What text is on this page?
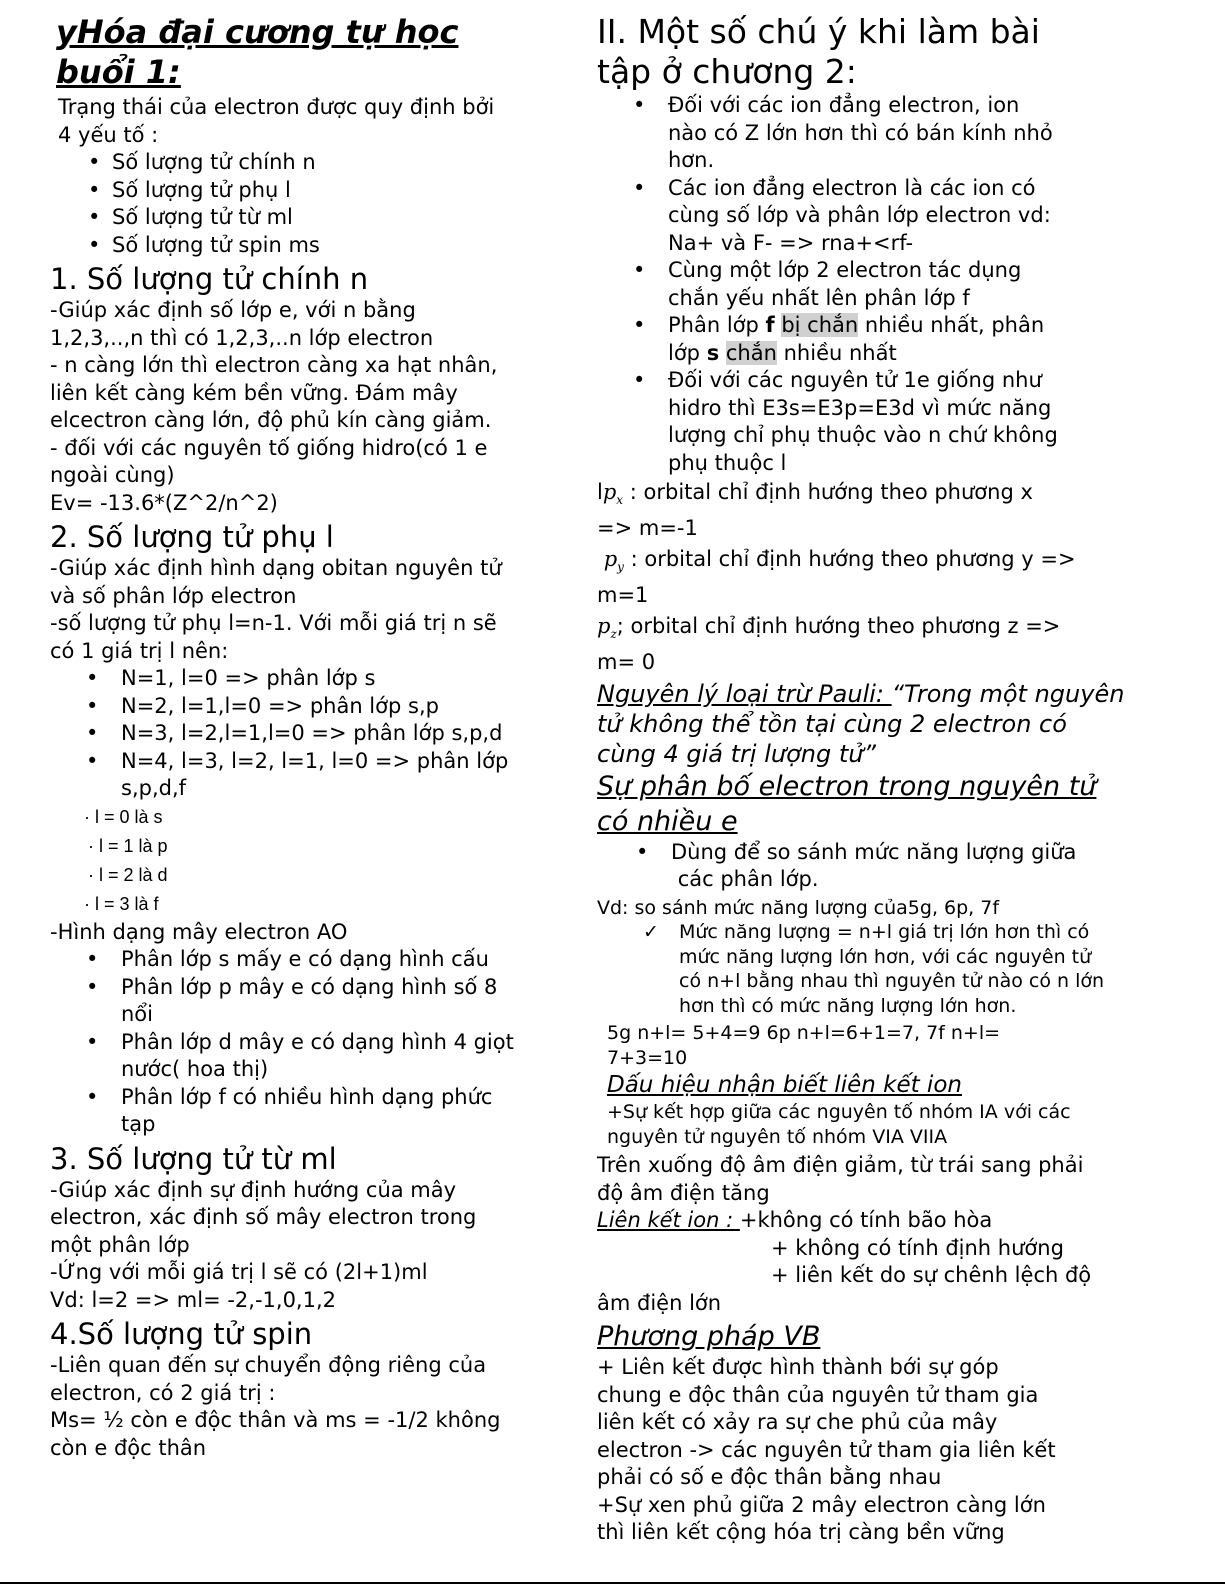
yHóa đại cương tự học

buổi 1:

Trạng thái của electron được quy định bởi

4 yếu tố :

• Số lượng tử chính n
• Số lượng tử phụ l
• Số lượng tử từ ml
• Số lượng tử spin ms

1. Số lượng tử chính n

-Giúp xác định số lớp e, với n bằng

1,2,3,..,n thì có 1,2,3,..n lớp electron

- n càng lớn thì electron càng xa hạt nhân,

liên kết càng kém bền vững. Đám mây

elcectron càng lớn, độ phủ kín càng giảm.

- đối với các nguyên tố giống hidro(có 1 e

ngoài cùng)

Ev= -13.6*(Z^2/n^2)

2. Số lượng tử phụ l

-Giúp xác định hình dạng obitan nguyên tử

và số phân lớp electron

-số lượng tử phụ l=n-1. Với mỗi giá trị n sẽ

có 1 giá trị l nên:

• N=1, l=0 => phân lớp s
• N=2, l=1,l=0 => phân lớp s,p
• N=3, l=2,l=1,l=0 => phân lớp s,p,d
• N=4, l=3, l=2, l=1, l=0 => phân lớp
s,p,d,f

· l = 0 là s

· l = 1 là p

· l = 2 là d

· l = 3 là f

-Hình dạng mây electron AO

• Phân lớp s mấy e có dạng hình cấu
• Phân lớp p mây e có dạng hình số 8
nổi
• Phân lớp d mây e có dạng hình 4 giọt
nước( hoa thị)
• Phân lớp f có nhiều hình dạng phức
tạp

3. Số lượng tử từ ml

-Giúp xác định sự định hướng của mây

electron, xác định số mây electron trong

một phân lớp

-Ứng với mỗi giá trị l sẽ có (2l+1)ml

Vd: l=2 => ml= -2,-1,0,1,2

4.Số lượng tử spin

-Liên quan đến sự chuyển động riêng của

electron, có 2 giá trị :

Ms= ½ còn e độc thân và ms = -1/2 không

còn e độc thân

II. Một số chú ý khi làm bài

tập ở chương 2:

• Đối với các ion đẳng electron, ion
nào có Z lớn hơn thì có bán kính nhỏ
hơn.
• Các ion đẳng electron là các ion có
cùng số lớp và phân lớp electron vd:
Na+ và F- => rna+<rf-
• Cùng một lớp 2 electron tác dụng
chắn yếu nhất lên phân lớp f
• Phân lớp f bị chắn nhiều nhất, phân
lớp s chắn nhiều nhất
• Đối với các nguyên tử 1e giống như
hidro thì E3s=E3p=E3d vì mức năng
lượng chỉ phụ thuộc vào n chứ không
phụ thuộc l

$lp_x$ : orbital chỉ định hướng theo phương x

=> m=-1

$p_y$ : orbital chỉ định hướng theo phương y =>

m=1

$p_z$; orbital chỉ định hướng theo phương z =>

m= 0

Nguyên lý loại trừ Pauli: “Trong một nguyên

tử không thể tồn tại cùng 2 electron có

cùng 4 giá trị lượng tử”

Sự phân bố electron trong nguyên tử

có nhiều e

• Dùng để so sánh mức năng lượng giữa
các phân lớp.

Vd: so sánh mức năng lượng của5g, 6p, 7f

✓ Mức năng lượng = n+l giá trị lớn hơn thì có
mức năng lượng lớn hơn, với các nguyên tử
có n+l bằng nhau thì nguyên tử nào có n lớn
hơn thì có mức năng lượng lớn hơn.

5g n+l= 5+4=9 6p n+l=6+1=7, 7f n+l=

7+3=10

Dấu hiệu nhận biết liên kết ion

+Sự kết hợp giữa các nguyên tố nhóm IA với các

nguyên tử nguyên tố nhóm VIA VIIA

Trên xuống độ âm điện giảm, từ trái sang phải

độ âm điện tăng

Liên kết ion : +không có tính bão hòa

+ không có tính định hướng

+ liên kết do sự chênh lệch độ

âm điện lớn

Phương pháp VB

+ Liên kết được hình thành bới sự góp

chung e độc thân của nguyên tử tham gia

liên kết có xảy ra sự che phủ của mây

electron -> các nguyên tử tham gia liên kết

phải có số e độc thân bằng nhau

+Sự xen phủ giữa 2 mây electron càng lớn

thì liên kết cộng hóa trị càng bền vững
